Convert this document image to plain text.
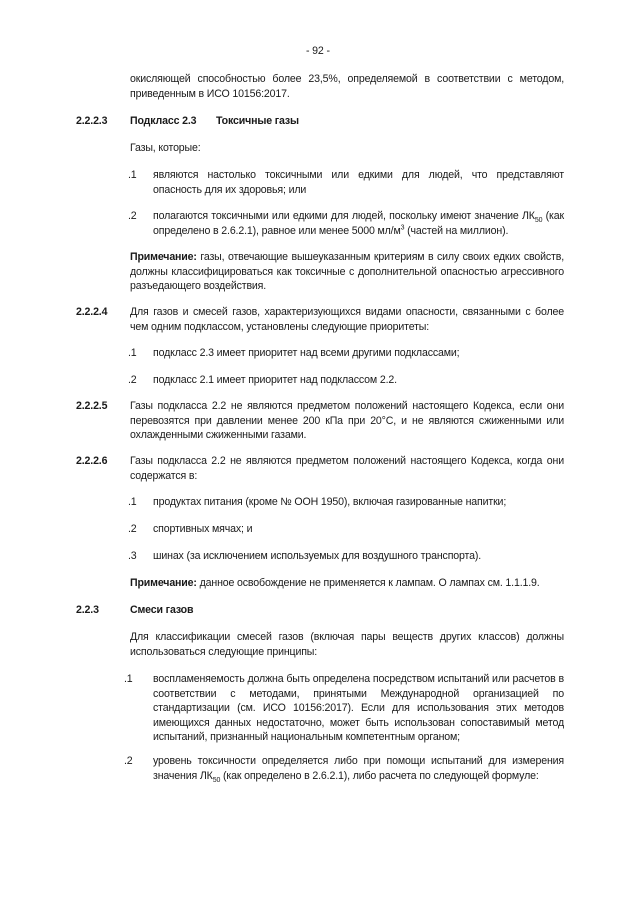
- 92 -
окисляющей способностью более 23,5%, определяемой в соответствии с методом, приведенным в ИСО 10156:2017.
2.2.2.3 Подкласс 2.3 Токсичные газы
Газы, которые:
.1 являются настолько токсичными или едкими для людей, что представляют опасность для их здоровья; или
.2 полагаются токсичными или едкими для людей, поскольку имеют значение $ЛК_{50}$ (как определено в 2.6.2.1), равное или менее 5000 $мл/м^3$ (частей на миллион).
Примечание: газы, отвечающие вышеуказанным критериям в силу своих едких свойств, должны классифицироваться как токсичные с дополнительной опасностью агрессивного разъедающего воздействия.
2.2.2.4 Для газов и смесей газов, характеризующихся видами опасности, связанными с более чем одним подклассом, установлены следующие приоритеты:
.1 подкласс 2.3 имеет приоритет над всеми другими подклассами;
.2 подкласс 2.1 имеет приоритет над подклассом 2.2.
2.2.2.5 Газы подкласса 2.2 не являются предметом положений настоящего Кодекса, если они перевозятся при давлении менее 200 кПа при 20°C, и не являются сжиженными или охлажденными сжиженными газами.
2.2.2.6 Газы подкласса 2.2 не являются предметом положений настоящего Кодекса, когда они содержатся в:
.1 продуктах питания (кроме № ООН 1950), включая газированные напитки;
.2 спортивных мячах; и
.3 шинах (за исключением используемых для воздушного транспорта).
Примечание: данное освобождение не применяется к лампам. О лампах см. 1.1.1.9.
2.2.3	Смеси газов
Для классификации смесей газов (включая пары веществ других классов) должны использоваться следующие принципы:
.1 воспламеняемость должна быть определена посредством испытаний или расчетов в соответствии с методами, принятыми Международной организацией по стандартизации (см. ИСО 10156:2017). Если для использования этих методов имеющихся данных недостаточно, может быть использован сопоставимый метод испытаний, признанный национальным компетентным органом;
.2 уровень токсичности определяется либо при помощи испытаний для измерения значения $ЛК_{50}$ (как определено в 2.6.2.1), либо расчета по следующей формуле:
